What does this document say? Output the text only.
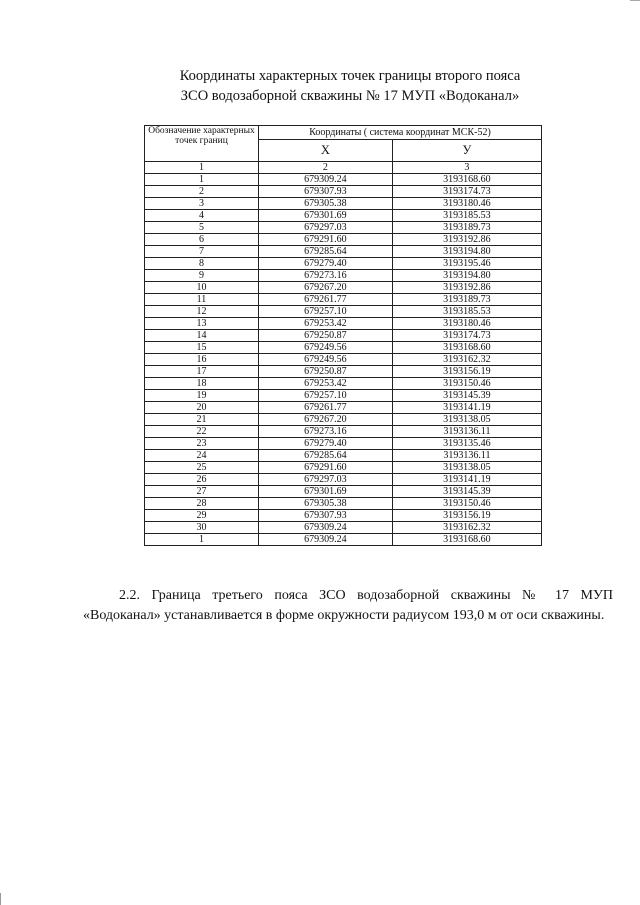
Координаты характерных точек границы второго пояса
ЗСО водозаборной скважины № 17 МУП «Водоканал»
Обозначение характерных точек границ	Координаты ( система координат МСК-52)	
	Х	У
1	2	3
1	679309.24	3193168.60
2	679307.93	3193174.73
3	679305.38	3193180.46
4	679301.69	3193185.53
5	679297.03	3193189.73
6	679291.60	3193192.86
7	679285.64	3193194.80
8	679279.40	3193195.46
9	679273.16	3193194.80
10	679267.20	3193192.86
11	679261.77	3193189.73
12	679257.10	3193185.53
13	679253.42	3193180.46
14	679250.87	3193174.73
15	679249.56	3193168.60
16	679249.56	3193162.32
17	679250.87	3193156.19
18	679253.42	3193150.46
19	679257.10	3193145.39
20	679261.77	3193141.19
21	679267.20	3193138.05
22	679273.16	3193136.11
23	679279.40	3193135.46
24	679285.64	3193136.11
25	679291.60	3193138.05
26	679297.03	3193141.19
27	679301.69	3193145.39
28	679305.38	3193150.46
29	679307.93	3193156.19
30	679309.24	3193162.32
1	679309.24	3193168.60
2.2. Граница третьего пояса ЗСО водозаборной скважины № 17 МУП «Водоканал» устанавливается в форме окружности радиусом 193,0 м от оси скважины.
